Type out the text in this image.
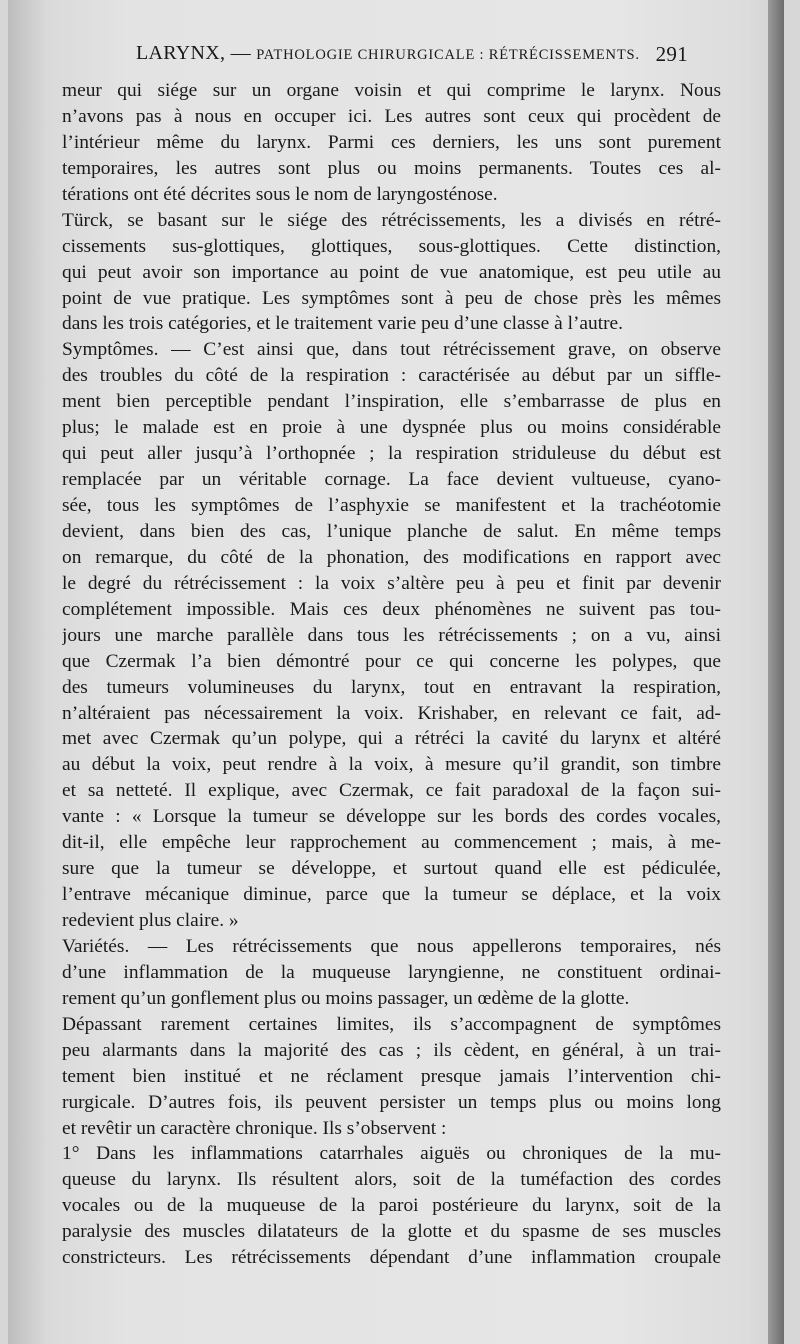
LARYNX, — PATHOLOGIE CHIRURGICALE : RÉTRÉCISSEMENTS. 291
meur qui siége sur un organe voisin et qui comprime le larynx. Nous
n’avons pas à nous en occuper ici. Les autres sont ceux qui procèdent de
l’intérieur même du larynx. Parmi ces derniers, les uns sont purement
temporaires, les autres sont plus ou moins permanents. Toutes ces al-
térations ont été décrites sous le nom de laryngosténose.
Türck, se basant sur le siége des rétrécissements, les a divisés en rétré-
cissements sus-glottiques, glottiques, sous-glottiques. Cette distinction,
qui peut avoir son importance au point de vue anatomique, est peu utile au
point de vue pratique. Les symptômes sont à peu de chose près les mêmes
dans les trois catégories, et le traitement varie peu d’une classe à l’autre.
Symptômes. — C’est ainsi que, dans tout rétrécissement grave, on observe
des troubles du côté de la respiration : caractérisée au début par un siffle-
ment bien perceptible pendant l’inspiration, elle s’embarrasse de plus en
plus; le malade est en proie à une dyspnée plus ou moins considérable
qui peut aller jusqu’à l’orthopnée ; la respiration striduleuse du début est
remplacée par un véritable cornage. La face devient vultueuse, cyano-
sée, tous les symptômes de l’asphyxie se manifestent et la trachéotomie
devient, dans bien des cas, l’unique planche de salut. En même temps
on remarque, du côté de la phonation, des modifications en rapport avec
le degré du rétrécissement : la voix s’altère peu à peu et finit par devenir
complétement impossible. Mais ces deux phénomènes ne suivent pas tou-
jours une marche parallèle dans tous les rétrécissements ; on a vu, ainsi
que Czermak l’a bien démontré pour ce qui concerne les polypes, que
des tumeurs volumineuses du larynx, tout en entravant la respiration,
n’altéraient pas nécessairement la voix. Krishaber, en relevant ce fait, ad-
met avec Czermak qu’un polype, qui a rétréci la cavité du larynx et altéré
au début la voix, peut rendre à la voix, à mesure qu’il grandit, son timbre
et sa netteté. Il explique, avec Czermak, ce fait paradoxal de la façon sui-
vante : « Lorsque la tumeur se développe sur les bords des cordes vocales,
dit-il, elle empêche leur rapprochement au commencement ; mais, à me-
sure que la tumeur se développe, et surtout quand elle est pédiculée,
l’entrave mécanique diminue, parce que la tumeur se déplace, et la voix
redevient plus claire. »
Variétés. — Les rétrécissements que nous appellerons temporaires, nés
d’une inflammation de la muqueuse laryngienne, ne constituent ordinai-
rement qu’un gonflement plus ou moins passager, un œdème de la glotte.
Dépassant rarement certaines limites, ils s’accompagnent de symptômes
peu alarmants dans la majorité des cas ; ils cèdent, en général, à un trai-
tement bien institué et ne réclament presque jamais l’intervention chi-
rurgicale. D’autres fois, ils peuvent persister un temps plus ou moins long
et revêtir un caractère chronique. Ils s’observent :
1° Dans les inflammations catarrhales aiguës ou chroniques de la mu-
queuse du larynx. Ils résultent alors, soit de la tuméfaction des cordes
vocales ou de la muqueuse de la paroi postérieure du larynx, soit de la
paralysie des muscles dilatateurs de la glotte et du spasme de ses muscles
constricteurs. Les rétrécissements dépendant d’une inflammation croupale
